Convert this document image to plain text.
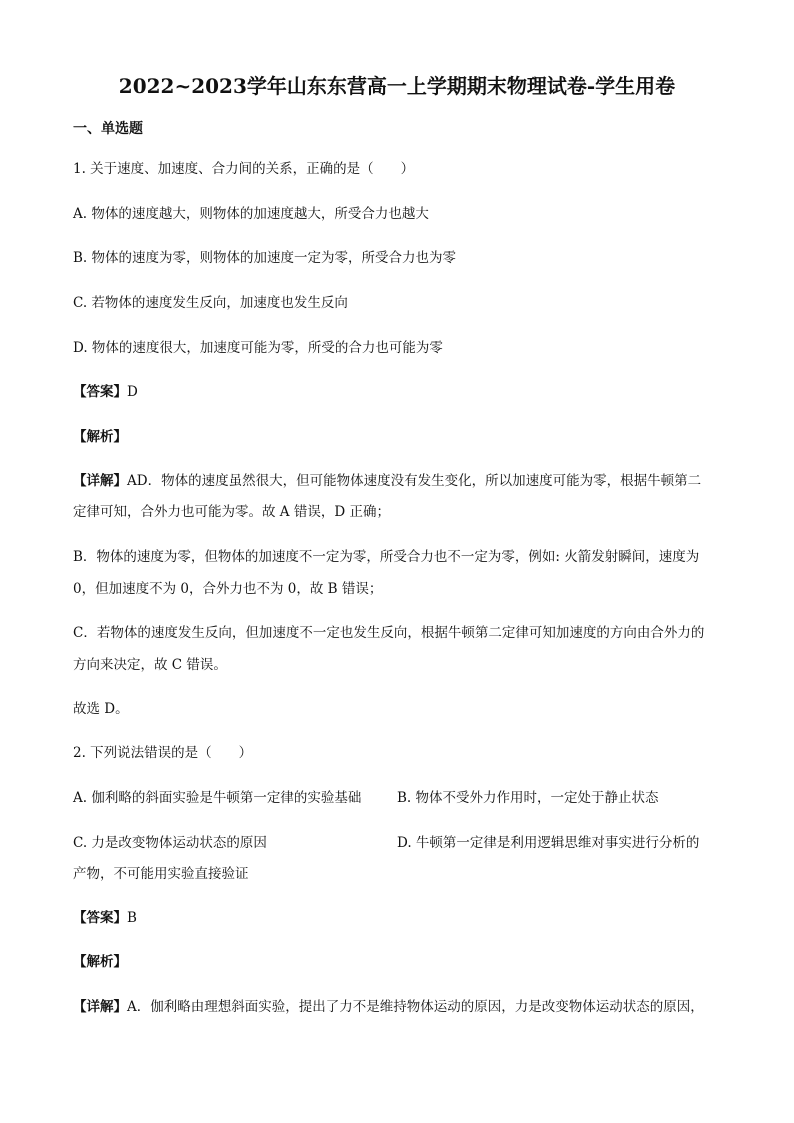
2022~2023学年山东东营高一上学期期末物理试卷-学生用卷
一、单选题
1. 关于速度、加速度、合力间的关系，正确的是（　　）
A. 物体的速度越大，则物体的加速度越大，所受合力也越大
B. 物体的速度为零，则物体的加速度一定为零，所受合力也为零
C. 若物体的速度发生反向，加速度也发生反向
D. 物体的速度很大，加速度可能为零，所受的合力也可能为零
【答案】D
【解析】
【详解】AD．物体的速度虽然很大，但可能物体速度没有发生变化，所以加速度可能为零，根据牛顿第二
定律可知，合外力也可能为零。故 A 错误，D 正确；
B．物体的速度为零，但物体的加速度不一定为零，所受合力也不一定为零，例如: 火箭发射瞬间，速度为
0，但加速度不为 0，合外力也不为 0，故 B 错误；
C．若物体的速度发生反向，但加速度不一定也发生反向，根据牛顿第二定律可知加速度的方向由合外力的
方向来决定，故 C 错误。
故选 D。
2. 下列说法错误的是（　　）
A. 伽利略的斜面实验是牛顿第一定律的实验基础	B. 物体不受外力作用时，一定处于静止状态
C. 力是改变物体运动状态的原因	D. 牛顿第一定律是利用逻辑思维对事实进行分析的
产物，不可能用实验直接验证
【答案】B
【解析】
【详解】A．伽利略由理想斜面实验，提出了力不是维持物体运动的原因，力是改变物体运动状态的原因，
